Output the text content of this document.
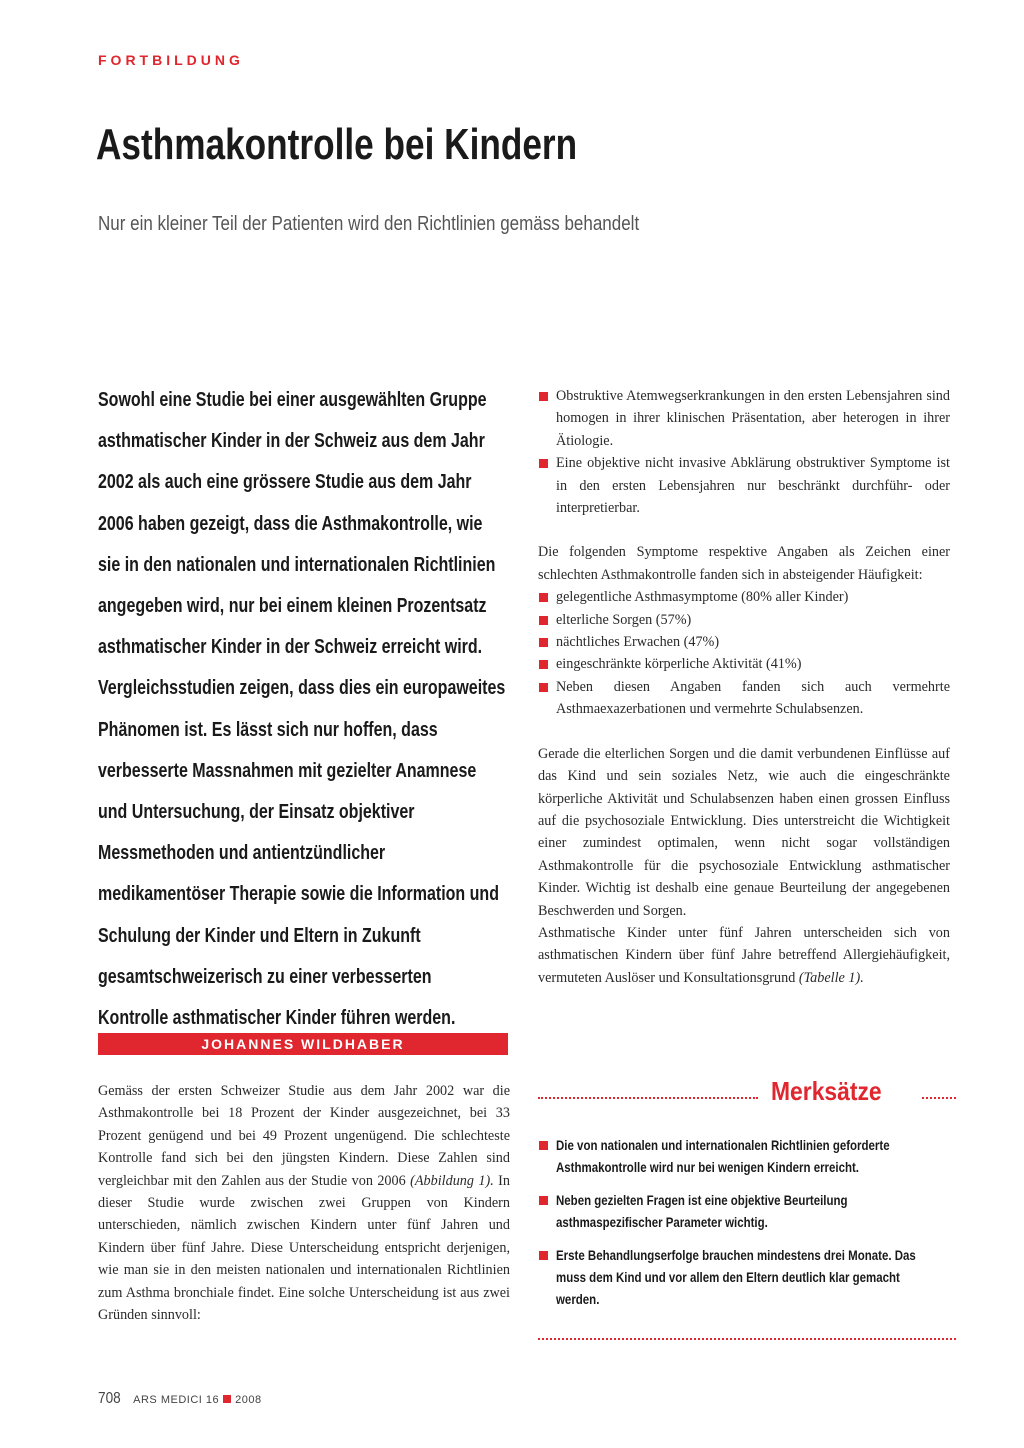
FORTBILDUNG
Asthmakontrolle bei Kindern
Nur ein kleiner Teil der Patienten wird den Richtlinien gemäss behandelt

Sowohl eine Studie bei einer ausgewählten Gruppe asthmatischer Kinder in der Schweiz aus dem Jahr 2002 als auch eine grössere Studie aus dem Jahr 2006 haben gezeigt, dass die Asthmakontrolle, wie sie in den nationalen und internationalen Richtlinien angegeben wird, nur bei einem kleinen Prozentsatz asthmatischer Kinder in der Schweiz erreicht wird. Vergleichsstudien zeigen, dass dies ein europaweites Phänomen ist. Es lässt sich nur hoffen, dass verbesserte Massnahmen mit gezielter Anamnese und Untersuchung, der Einsatz objektiver Messmethoden und antientzündlicher medikamentöser Therapie sowie die Information und Schulung der Kinder und Eltern in Zukunft gesamtschweizerisch zu einer verbesserten Kontrolle asthmatischer Kinder führen werden.

JOHANNES WILDHABER

Gemäss der ersten Schweizer Studie aus dem Jahr 2002 war die Asthmakontrolle bei 18 Prozent der Kinder ausgezeichnet, bei 33 Prozent genügend und bei 49 Prozent ungenügend. Die schlechteste Kontrolle fand sich bei den jüngsten Kindern. Diese Zahlen sind vergleichbar mit den Zahlen aus der Studie von 2006 (Abbildung 1). In dieser Studie wurde zwischen zwei Gruppen von Kindern unterschieden, nämlich zwischen Kindern unter fünf Jahren und Kindern über fünf Jahre. Diese Unterscheidung entspricht derjenigen, wie man sie in den meisten nationalen und internationalen Richtlinien zum Asthma bronchiale findet. Eine solche Unterscheidung ist aus zwei Gründen sinnvoll:

Obstruktive Atemwegserkrankungen in den ersten Lebensjahren sind homogen in ihrer klinischen Präsentation, aber heterogen in ihrer Ätiologie.
Eine objektive nicht invasive Abklärung obstruktiver Symptome ist in den ersten Lebensjahren nur beschränkt durchführ- oder interpretierbar.

Die folgenden Symptome respektive Angaben als Zeichen einer schlechten Asthmakontrolle fanden sich in absteigender Häufigkeit:

gelegentliche Asthmasymptome (80% aller Kinder)
elterliche Sorgen (57%)
nächtliches Erwachen (47%)
eingeschränkte körperliche Aktivität (41%)
Neben diesen Angaben fanden sich auch vermehrte Asthmaexazerbationen und vermehrte Schulabsenzen.

Gerade die elterlichen Sorgen und die damit verbundenen Einflüsse auf das Kind und sein soziales Netz, wie auch die eingeschränkte körperliche Aktivität und Schulabsenzen haben einen grossen Einfluss auf die psychosoziale Entwicklung. Dies unterstreicht die Wichtigkeit einer zumindest optimalen, wenn nicht sogar vollständigen Asthmakontrolle für die psychosoziale Entwicklung asthmatischer Kinder. Wichtig ist deshalb eine genaue Beurteilung der angegebenen Beschwerden und Sorgen.

Asthmatische Kinder unter fünf Jahren unterscheiden sich von asthmatischen Kindern über fünf Jahre betreffend Allergiehäufigkeit, vermuteten Auslöser und Konsultationsgrund (Tabelle 1).

Merksätze
Die von nationalen und internationalen Richtlinien geforderte Asthmakontrolle wird nur bei wenigen Kindern erreicht.
Neben gezielten Fragen ist eine objektive Beurteilung asthmaspezifischer Parameter wichtig.
Erste Behandlungserfolge brauchen mindestens drei Monate. Das muss dem Kind und vor allem den Eltern deutlich klar gemacht werden.
708 ARS MEDICI 16 2008
